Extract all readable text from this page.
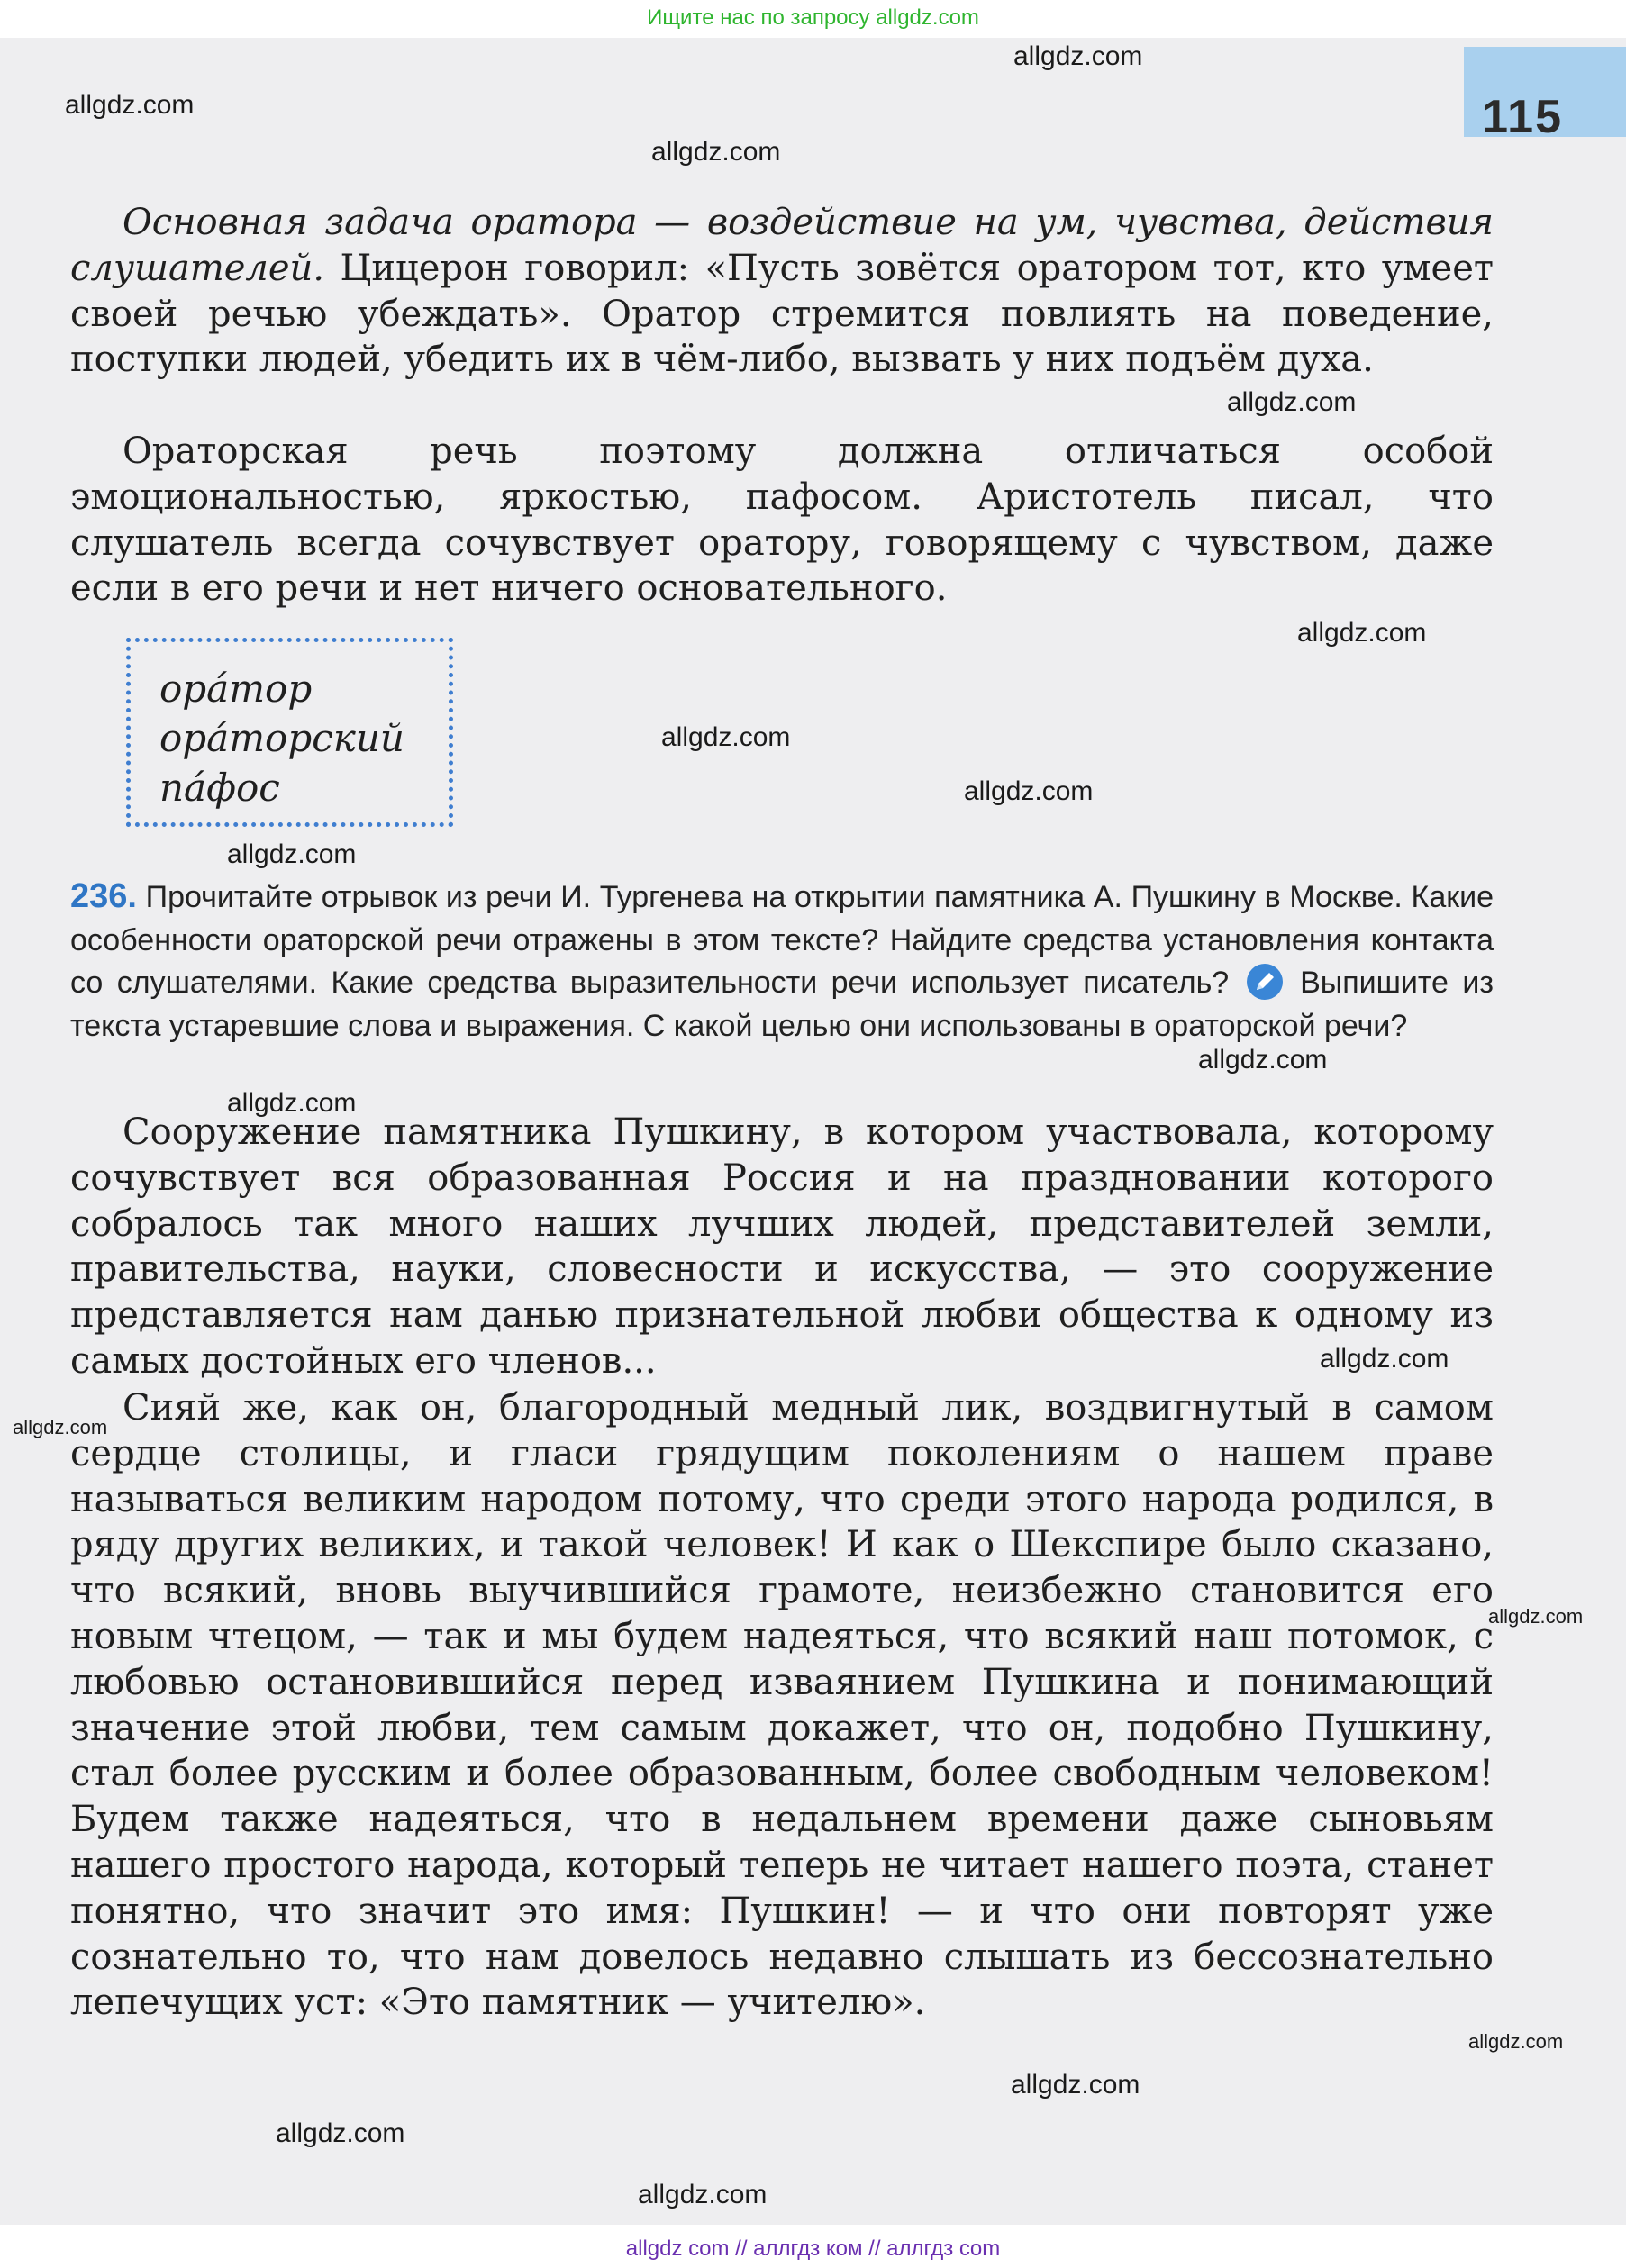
Ищите нас по запросу allgdz.com
115

Основная задача оратора — воздействие на ум, чувства, действия слушателей. Цицерон говорил: «Пусть зовётся оратором тот, кто умеет своей речью убеждать». Оратор стремится повлиять на поведение, поступки людей, убедить их в чём-либо, вызвать у них подъём духа.

Ораторская речь поэтому должна отличаться особой эмоциональностью, яркостью, пафосом. Аристотель писал, что слушатель всегда сочувствует оратору, говорящему с чувством, даже если в его речи и нет ничего основательного.

ора́тор
ора́торский
па́фос
236. Прочитайте отрывок из речи И. Тургенева на открытии памятника А. Пушкину в Москве. Какие особенности ораторской речи отражены в этом тексте? Найдите средства установления контакта со слушателями. Какие средства выразительности речи использует писатель? Выпишите из текста устаревшие слова и выражения. С какой целью они использованы в ораторской речи?

Сооружение памятника Пушкину, в котором участвовала, которому сочувствует вся образованная Россия и на праздновании которого собралось так много наших лучших людей, представителей земли, правительства, науки, словесности и искусства, — это сооружение представляется нам данью признательной любви общества к одному из самых достойных его членов...

Сияй же, как он, благородный медный лик, воздвигнутый в самом сердце столицы, и гласи грядущим поколениям о нашем праве называться великим народом потому, что среди этого народа родился, в ряду других великих, и такой человек! И как о Шекспире было сказано, что всякий, вновь выучившийся грамоте, неизбежно становится его новым чтецом, — так и мы будем надеяться, что всякий наш потомок, с любовью остановившийся перед изваянием Пушкина и понимающий значение этой любви, тем самым докажет, что он, подобно Пушкину, стал более русским и более образованным, более свободным человеком! Будем также надеяться, что в недальнем времени даже сыновьям нашего простого народа, который теперь не читает нашего поэта, станет понятно, что значит это имя: Пушкин! — и что они повторят уже сознательно то, что нам довелось недавно слышать из бессознательно лепечущих уст: «Это памятник — учителю».

allgdz.com
allgdz.com
allgdz.com
allgdz.com
allgdz.com
allgdz.com
allgdz.com
allgdz.com
allgdz.com
allgdz.com
allgdz.com
allgdz.com
allgdz.com
allgdz.com
allgdz.com
allgdz.com
allgdz.com
allgdz com // аллгдз ком // аллгдз com
